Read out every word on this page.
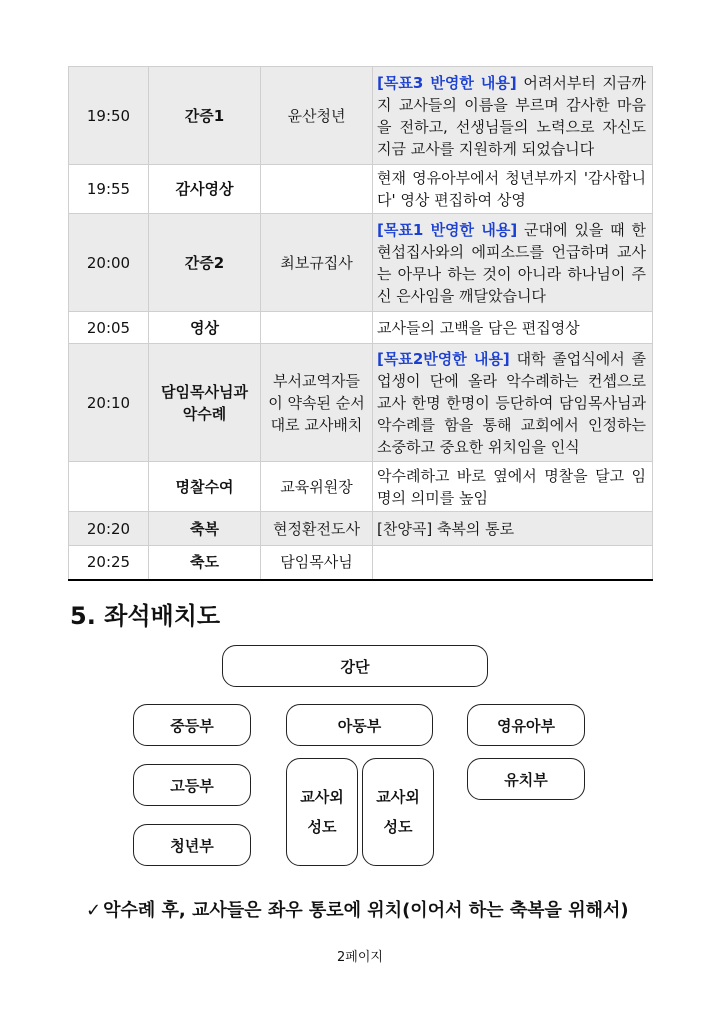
19:50	간증1	윤산청년	[목표3 반영한 내용] 어려서부터 지금까지 교사들의 이름을 부르며 감사한 마음을 전하고, 선생님들의 노력으로 자신도 지금 교사를 지원하게 되었습니다
19:55	감사영상		현재 영유아부에서 청년부까지 '감사합니다' 영상 편집하여 상영
20:00	간증2	최보규집사	[목표1 반영한 내용] 군대에 있을 때 한현섭집사와의 에피소드를 언급하며 교사는 아무나 하는 것이 아니라 하나님이 주신 은사임을 깨달았습니다
20:05	영상		교사들의 고백을 담은 편집영상
20:10	담임목사님과 악수례	부서교역자들이 약속된 순서대로 교사배치	[목표2반영한 내용] 대학 졸업식에서 졸업생이 단에 올라 악수례하는 컨셉으로 교사 한명 한명이 등단하여 담임목사님과 악수례를 함을 통해 교회에서 인정하는 소중하고 중요한 위치임을 인식
	명찰수여	교육위원장	악수례하고 바로 옆에서 명찰을 달고 임명의 의미를 높임
20:20	축복	현정환전도사	[찬양곡] 축복의 통로
20:25	축도	담임목사님	
5. 좌석배치도
강단
중등부	아동부	영유아부
고등부	유치부
청년부
교사외 성도
교사외 성도
✓ 악수례 후, 교사들은 좌우 통로에 위치(이어서 하는 축복을 위해서)
2페이지
